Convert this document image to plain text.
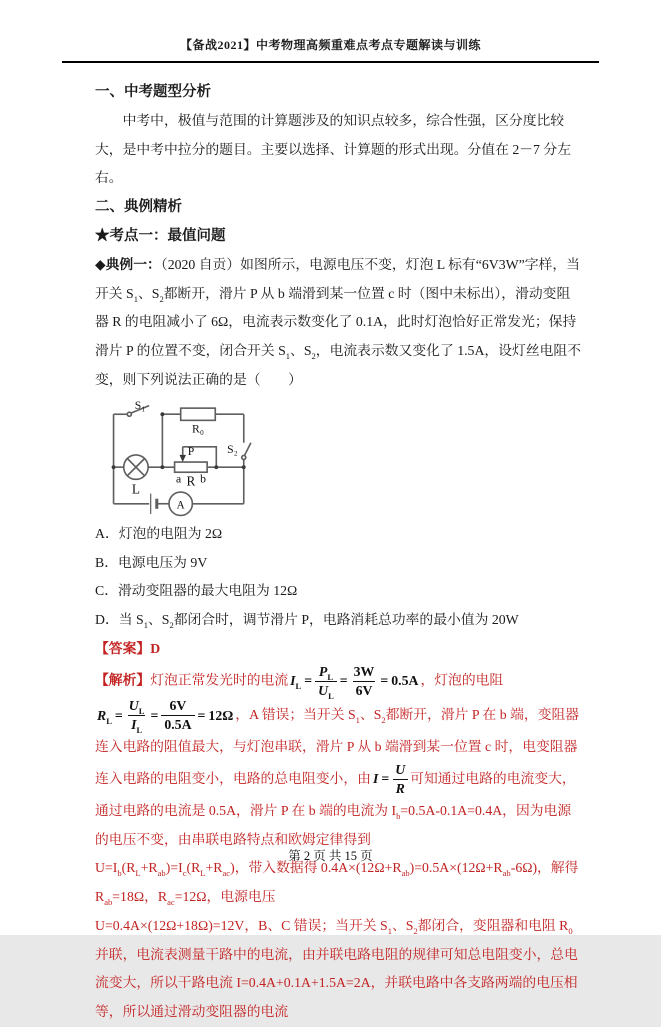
【备战2021】中考物理高频重难点考点专题解读与训练
一、中考题型分析

中考中，极值与范围的计算题涉及的知识点较多，综合性强，区分度比较大，是中考中拉分的题目。主要以选择、计算题的形式出现。分值在 2－7 分左右。

二、典例精析
★考点一：最值问题

◆典例一：（2020 自贡）如图所示，电源电压不变，灯泡 L 标有“6V3W”字样，当开关 $S_1$、$S_2$都断开，滑片 P 从 b 端滑到某一位置 c 时（图中未标出），滑动变阻器 R 的电阻减小了 6Ω，电流表示数变化了 0.1A，此时灯泡恰好正常发光；保持滑片 P 的位置不变，闭合开关 $S_1$、$S_2$，电流表示数又变化了 1.5A，设灯丝电阻不变，则下列说法正确的是（　　）

S₁
R₀
S₂
P
a R b
L
A
A．灯泡的电阻为 2Ω
B．电源电压为 9V
C．滑动变阻器的最大电阻为 12Ω
D．当 $S_1$、$S_2$都闭合时，调节滑片 P，电路消耗总功率的最小值为 20W
【答案】D

【解析】灯泡正常发光时的电流 $I_L = \frac{P_L}{U_L} = \frac{3W}{6V} = 0.5A$ ，灯泡的电阻
$R_L = \frac{U_L}{I_L} = \frac{6V}{0.5A} = 12\Omega$ ，A 错误；当开关 $S_1$、$S_2$都断开，滑片 P 在 b 端，变阻器连入电路的阻值最大，与灯泡串联，滑片 P 从 b 端滑到某一位置 c 时，电变阻器连入电路的电阻变小，电路的总电阻变小，由 $I = \frac{U}{R}$ 可知通过电路的电流变大，通过电路的电流是 0.5A，滑片 P 在 b 端的电流为 $I_b=0.5A-0.1A=0.4A$，因为电源的电压不变，由串联电路特点和欧姆定律得到

$U=I_b(R_L+R_{ab})=I_c(R_L+R_{ac})$，带入数据得 $0.4A\times(12\Omega+R_{ab})=0.5A\times(12\Omega+R_{ab}-6\Omega)$，解得 $R_{ab}=18\Omega$，$R_{ac}=12\Omega$，电源电压

U=0.4A×(12Ω+18Ω)=12V，B、C 错误；当开关 $S_1$、$S_2$都闭合，变阻器和电阻 $R_0$并联，电流表测量干路中的电流，由并联电路电阻的规律可知总电阻变小，总电流变大，所以干路电流 I=0.4A+0.1A+1.5A=2A，并联电路中各支路两端的电压相等，所以通过滑动变阻器的电流

第 2 页 共 15 页
